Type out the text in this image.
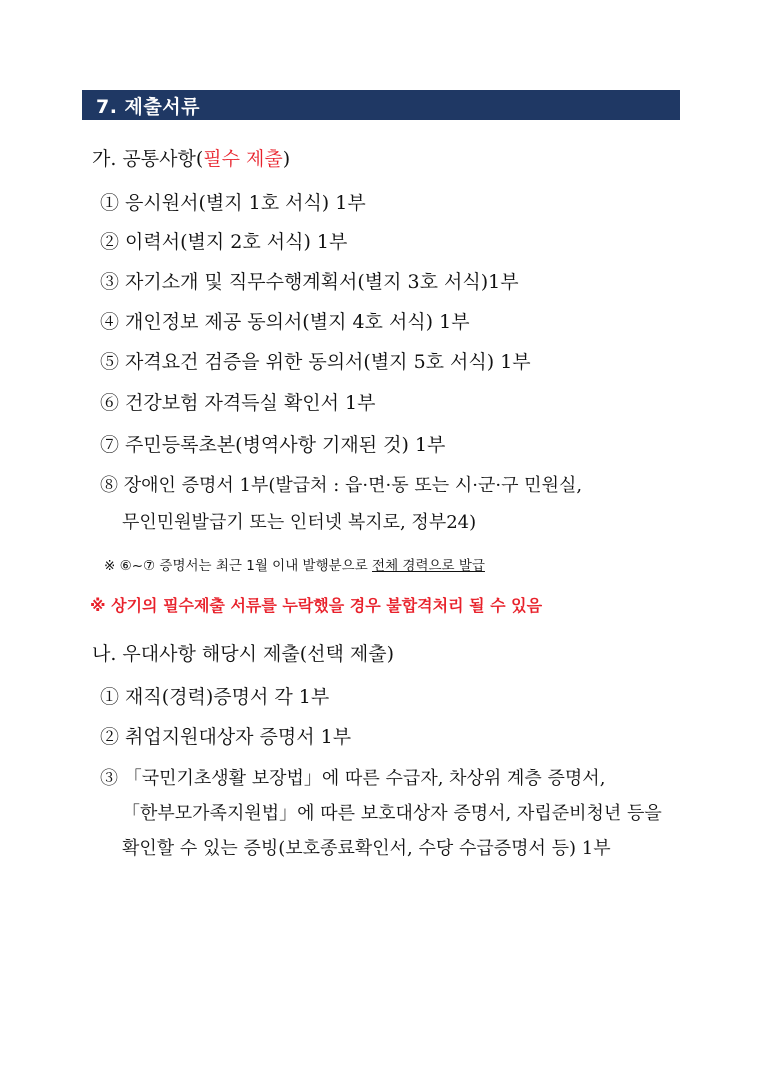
7. 제출서류
가. 공통사항(필수 제출)
① 응시원서(별지 1호 서식) 1부
② 이력서(별지 2호 서식) 1부
③ 자기소개 및 직무수행계획서(별지 3호 서식)1부
④ 개인정보 제공 동의서(별지 4호 서식) 1부
⑤ 자격요건 검증을 위한 동의서(별지 5호 서식) 1부
⑥ 건강보험 자격득실 확인서 1부
⑦ 주민등록초본(병역사항 기재된 것) 1부
⑧ 장애인 증명서 1부(발급처 : 읍·면·동 또는 시·군·구 민원실,
무인민원발급기 또는 인터넷 복지로, 정부24)
※ ⑥~⑦ 증명서는 최근 1월 이내 발행분으로 전체 경력으로 발급
※ 상기의 필수제출 서류를 누락했을 경우 불합격처리 될 수 있음
나. 우대사항 해당시 제출(선택 제출)
① 재직(경력)증명서 각 1부
② 취업지원대상자 증명서 1부
③ 「국민기초생활 보장법」에 따른 수급자, 차상위 계층 증명서,
「한부모가족지원법」에 따른 보호대상자 증명서, 자립준비청년 등을
확인할 수 있는 증빙(보호종료확인서, 수당 수급증명서 등) 1부
